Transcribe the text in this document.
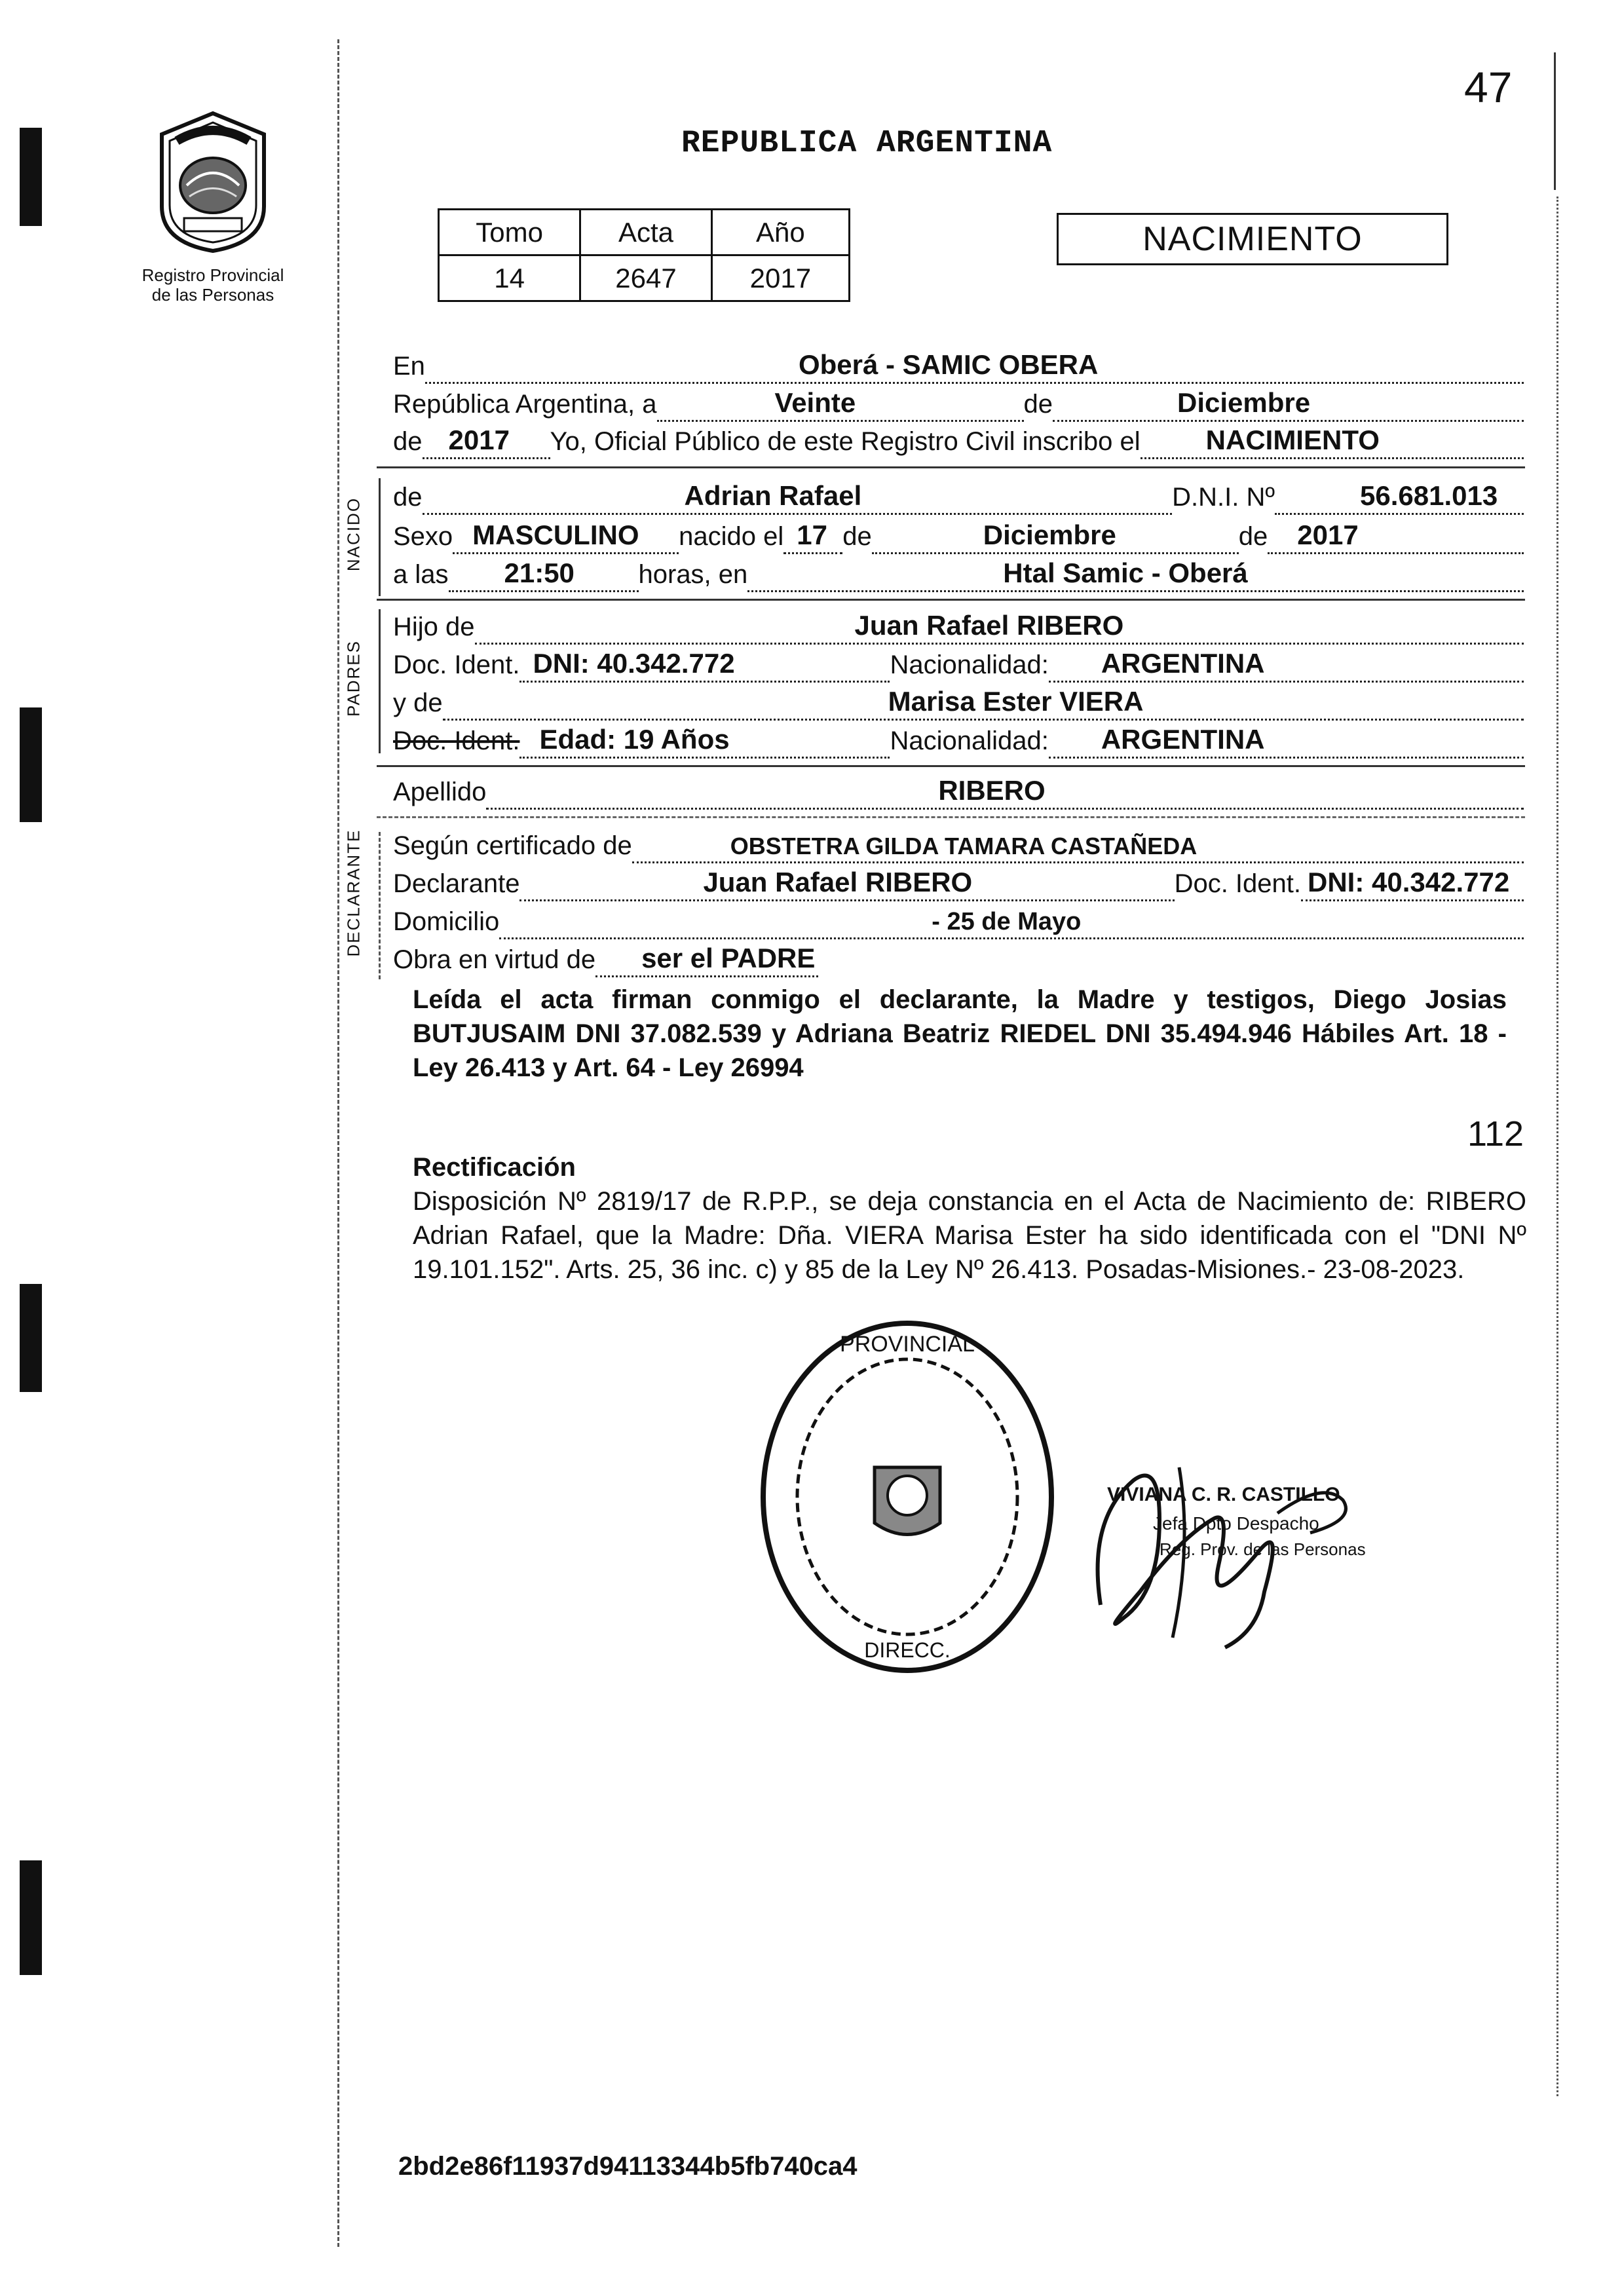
47
Registro Provincial
de las Personas
REPUBLICA ARGENTINA
Tomo	Acta	Año
14	2647	2017
NACIMIENTO
En	Oberá - SAMIC OBERA
República Argentina, a	Veinte	de	Diciembre
de 2017 Yo, Oficial Público de este Registro Civil inscribo el NACIMIENTO
NACIDO de	Adrian Rafael	D.N.I. Nº	56.681.013
Sexo MASCULINO nacido el 17 de	Diciembre	de 2017
a las 21:50 horas, en	Htal Samic - Oberá
PADRES
Hijo de	Juan Rafael RIBERO
Doc. Ident. DNI: 40.342.772	Nacionalidad: ARGENTINA
y de	Marisa Ester VIERA
Doc. Ident. Edad: 19 Años	Nacionalidad: ARGENTINA
Apellido	RIBERO
DECLARANTE Según certificado de	OBSTETRA GILDA TAMARA CASTAÑEDA
Declarante	Juan Rafael RIBERO	Doc. Ident. DNI: 40.342.772
Domicilio	- 25 de Mayo
Obra en virtud de ser el PADRE
Leída el acta firman conmigo el declarante, la Madre y testigos, Diego Josias BUTJUSAIM DNI 37.082.539 y Adriana Beatriz RIEDEL DNI 35.494.946 Hábiles Art. 18 - Ley 26.413 y Art. 64 - Ley 26994
112
Rectificación
Disposición Nº 2819/17 de R.P.P., se deja constancia en el Acta de Nacimiento de: RIBERO Adrian Rafael, que la Madre: Dña. VIERA Marisa Ester ha sido identificada con el "DNI Nº 19.101.152". Arts. 25, 36 inc. c) y 85 de la Ley Nº 26.413. Posadas-Misiones.- 23-08-2023.
PROVINCIAL
DIRECC.
VIVIANA C. R. CASTILLO
Jefa Dpto Despacho
Reg. Prov. de las Personas
2bd2e86f11937d94113344b5fb740ca4
